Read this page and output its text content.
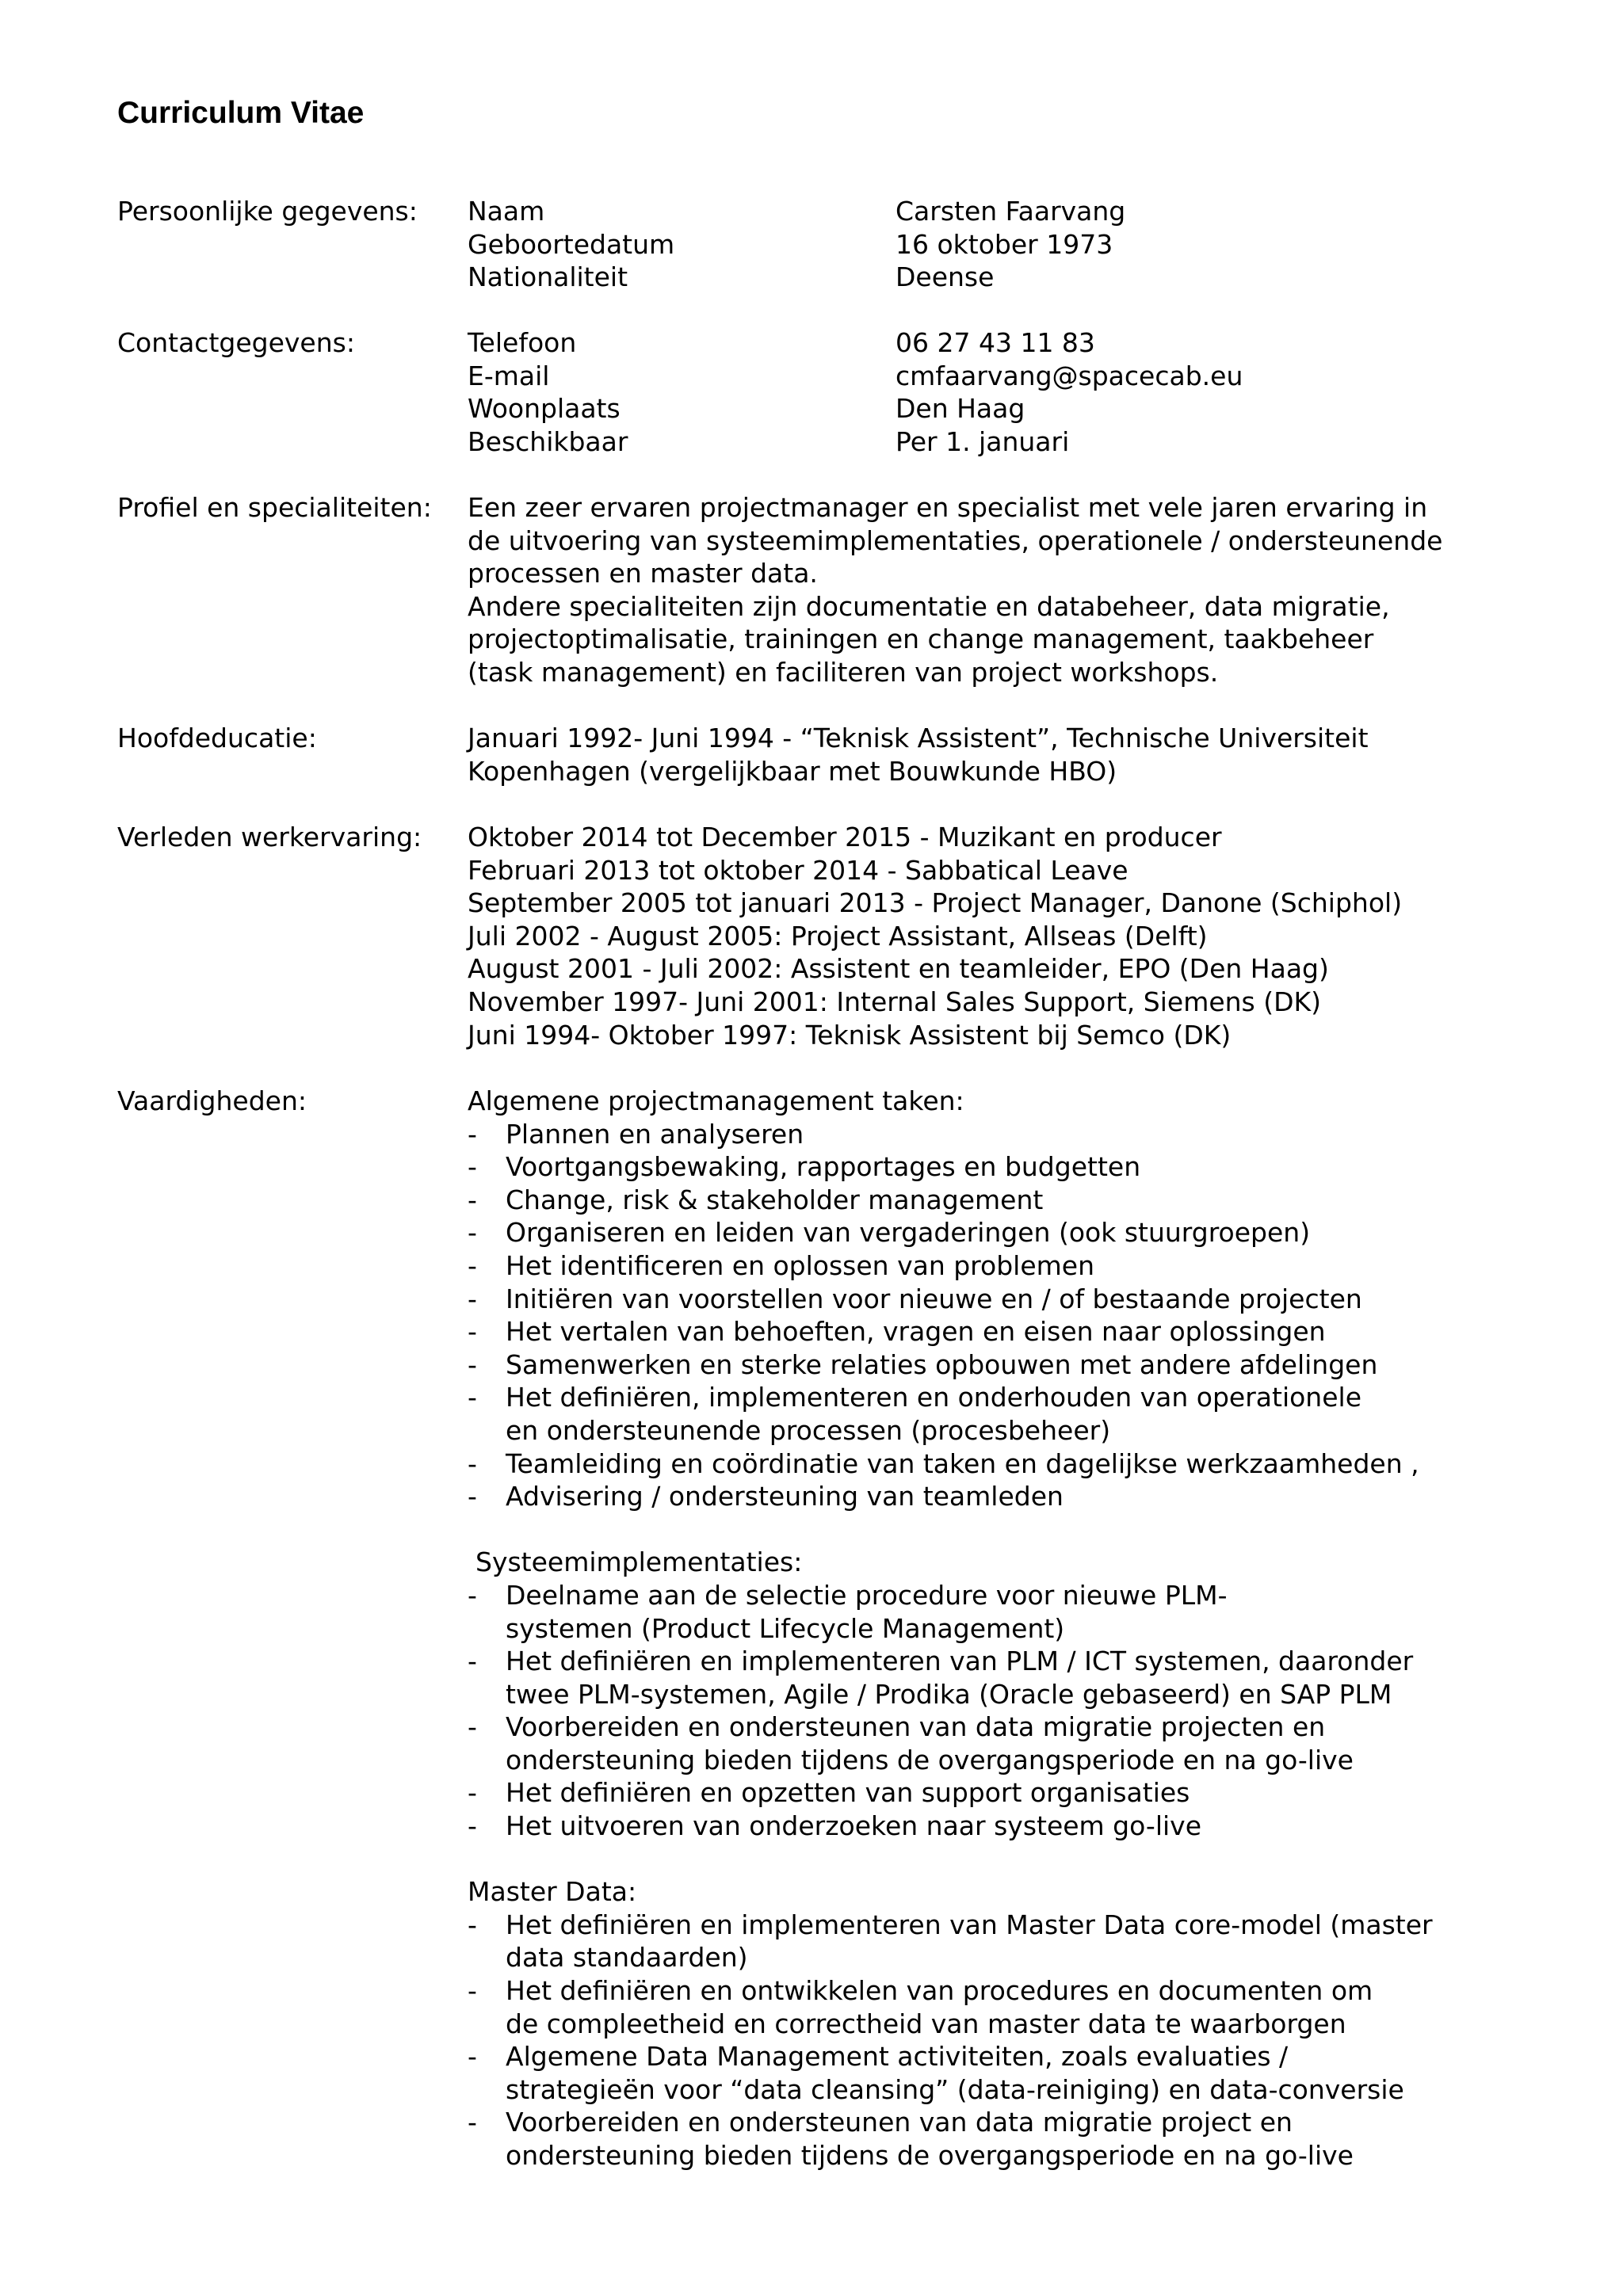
Curriculum Vitae
Persoonlijke gegevens: Naam	Carsten Faarvang
Geboortedatum	16 oktober 1973
Nationaliteit	Deense
Contactgegevens:	Telefoon	06 27 43 11 83
E-mail	cmfaarvang@spacecab.eu
Woonplaats	Den Haag
Beschikbaar	Per 1. januari
Profiel en specialiteiten: Een zeer ervaren projectmanager en specialist met vele jaren ervaring in
de uitvoering van systeemimplementaties, operationele / ondersteunende
processen en master data.
Andere specialiteiten zijn documentatie en databeheer, data migratie,
projectoptimalisatie, trainingen en change management, taakbeheer
(task management) en faciliteren van project workshops.
Hoofdeducatie:	Januari 1992- Juni 1994 - “Teknisk Assistent”, Technische Universiteit
Kopenhagen (vergelijkbaar met Bouwkunde HBO)
Verleden werkervaring: Oktober 2014 tot December 2015 - Muzikant en producer
Februari 2013 tot oktober 2014 - Sabbatical Leave
September 2005 tot januari 2013 - Project Manager, Danone (Schiphol)
Juli 2002 - August 2005: Project Assistant, Allseas (Delft)
August 2001 - Juli 2002: Assistent en teamleider, EPO (Den Haag)
November 1997- Juni 2001: Internal Sales Support, Siemens (DK)
Juni 1994- Oktober 1997: Teknisk Assistent bij Semco (DK)
Vaardigheden:	Algemene projectmanagement taken:
- Plannen en analyseren
- Voortgangsbewaking, rapportages en budgetten
- Change, risk & stakeholder management
- Organiseren en leiden van vergaderingen (ook stuurgroepen)
- Het identificeren en oplossen van problemen
- Initiëren van voorstellen voor nieuwe en / of bestaande projecten
- Het vertalen van behoeften, vragen en eisen naar oplossingen
- Samenwerken en sterke relaties opbouwen met andere afdelingen
- Het definiëren, implementeren en onderhouden van operationele
en ondersteunende processen (procesbeheer)
- Teamleiding en coördinatie van taken en dagelijkse werkzaamheden ,
- Advisering / ondersteuning van teamleden
Systeemimplementaties:
- Deelname aan de selectie procedure voor nieuwe PLM-
systemen (Product Lifecycle Management)
- Het definiëren en implementeren van PLM / ICT systemen, daaronder
twee PLM-systemen, Agile / Prodika (Oracle gebaseerd) en SAP PLM
- Voorbereiden en ondersteunen van data migratie projecten en
ondersteuning bieden tijdens de overgangsperiode en na go-live
- Het definiëren en opzetten van support organisaties
- Het uitvoeren van onderzoeken naar systeem go-live
Master Data:
- Het definiëren en implementeren van Master Data core-model (master
data standaarden)
- Het definiëren en ontwikkelen van procedures en documenten om
de compleetheid en correctheid van master data te waarborgen
- Algemene Data Management activiteiten, zoals evaluaties /
strategieën voor “data cleansing” (data-reiniging) en data-conversie
- Voorbereiden en ondersteunen van data migratie project en
ondersteuning bieden tijdens de overgangsperiode en na go-live
